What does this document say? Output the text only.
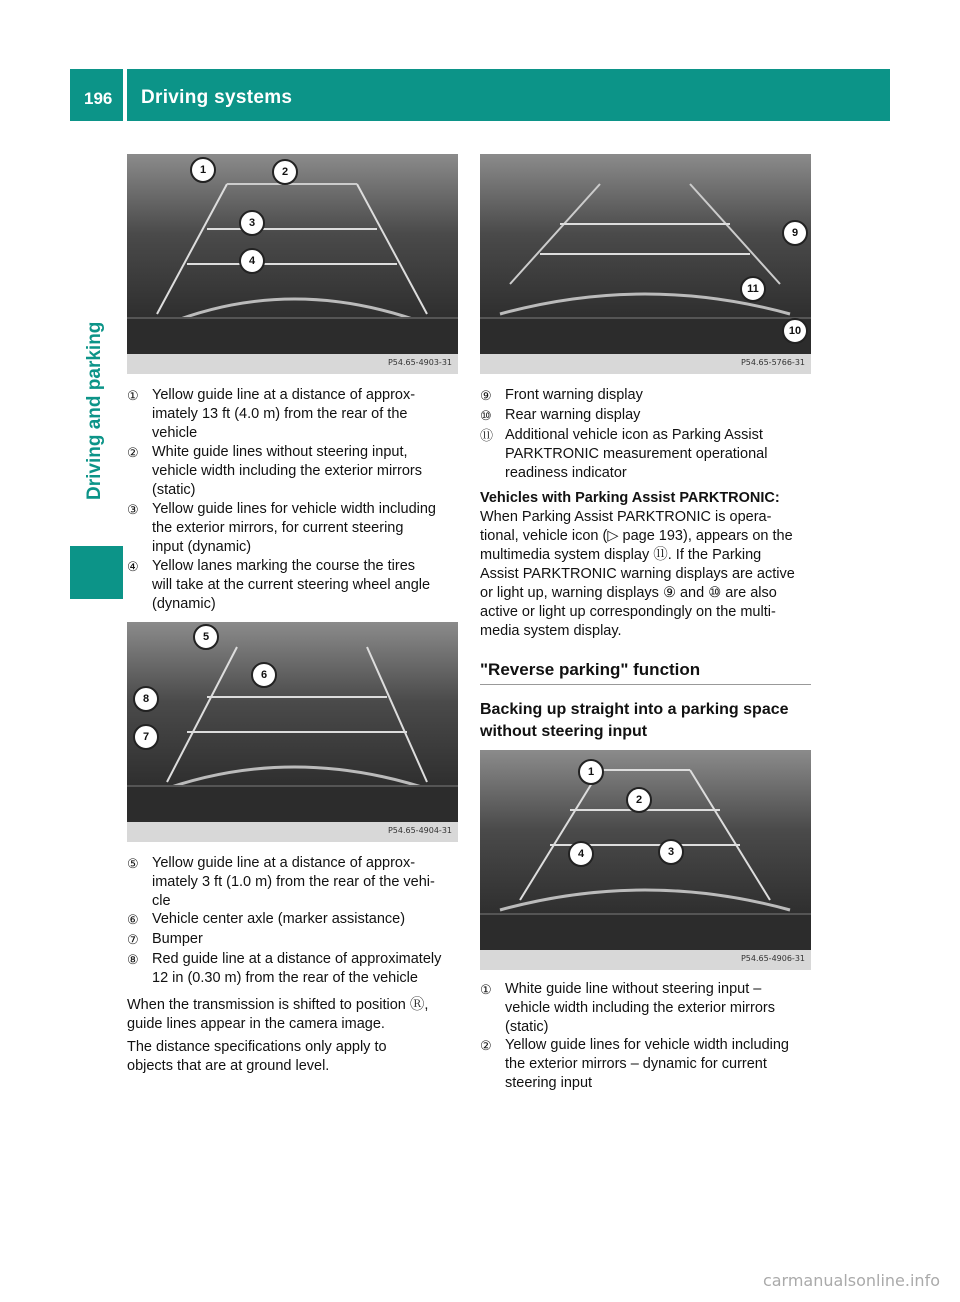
196 Driving systems
Driving and parking	P54.65-4903-31
1	2
3
4
① Yellow guide line at a distance of approx-
imately 13 ft (4.0 m) from the rear of the
vehicle
② White guide lines without steering input,
vehicle width including the exterior mirrors
(static)
③ Yellow guide lines for vehicle width including
the exterior mirrors, for current steering
input (dynamic)
④ Yellow lanes marking the course the tires
will take at the current steering wheel angle
(dynamic)
P54.65-4904-31
5
6
8
7
⑤ Yellow guide line at a distance of approx-
imately 3 ft (1.0 m) from the rear of the vehi-
cle
⑥ Vehicle center axle (marker assistance)
⑦ Bumper
⑧ Red guide line at a distance of approximately
12 in (0.30 m) from the rear of the vehicle
When the transmission is shifted to position Ⓡ,
guide lines appear in the camera image.
The distance specifications only apply to
objects that are at ground level.
P54.65-5766-31
9
11
10
⑨ Front warning display
⑩ Rear warning display
⑪ Additional vehicle icon as Parking Assist
PARKTRONIC measurement operational
readiness indicator
Vehicles with Parking Assist PARKTRONIC:
When Parking Assist PARKTRONIC is opera-
tional, vehicle icon (▷ page 193), appears on the
multimedia system display ⑪. If the Parking
Assist PARKTRONIC warning displays are active
or light up, warning displays ⑨ and ⑩ are also
active or light up correspondingly on the multi-
media system display.
"Reverse parking" function
Backing up straight into a parking space
without steering input
P54.65-4906-31
1
2
3
4
① White guide line without steering input –
vehicle width including the exterior mirrors
(static)
② Yellow guide lines for vehicle width including
the exterior mirrors – dynamic for current
steering input
carmanualsonline.info
